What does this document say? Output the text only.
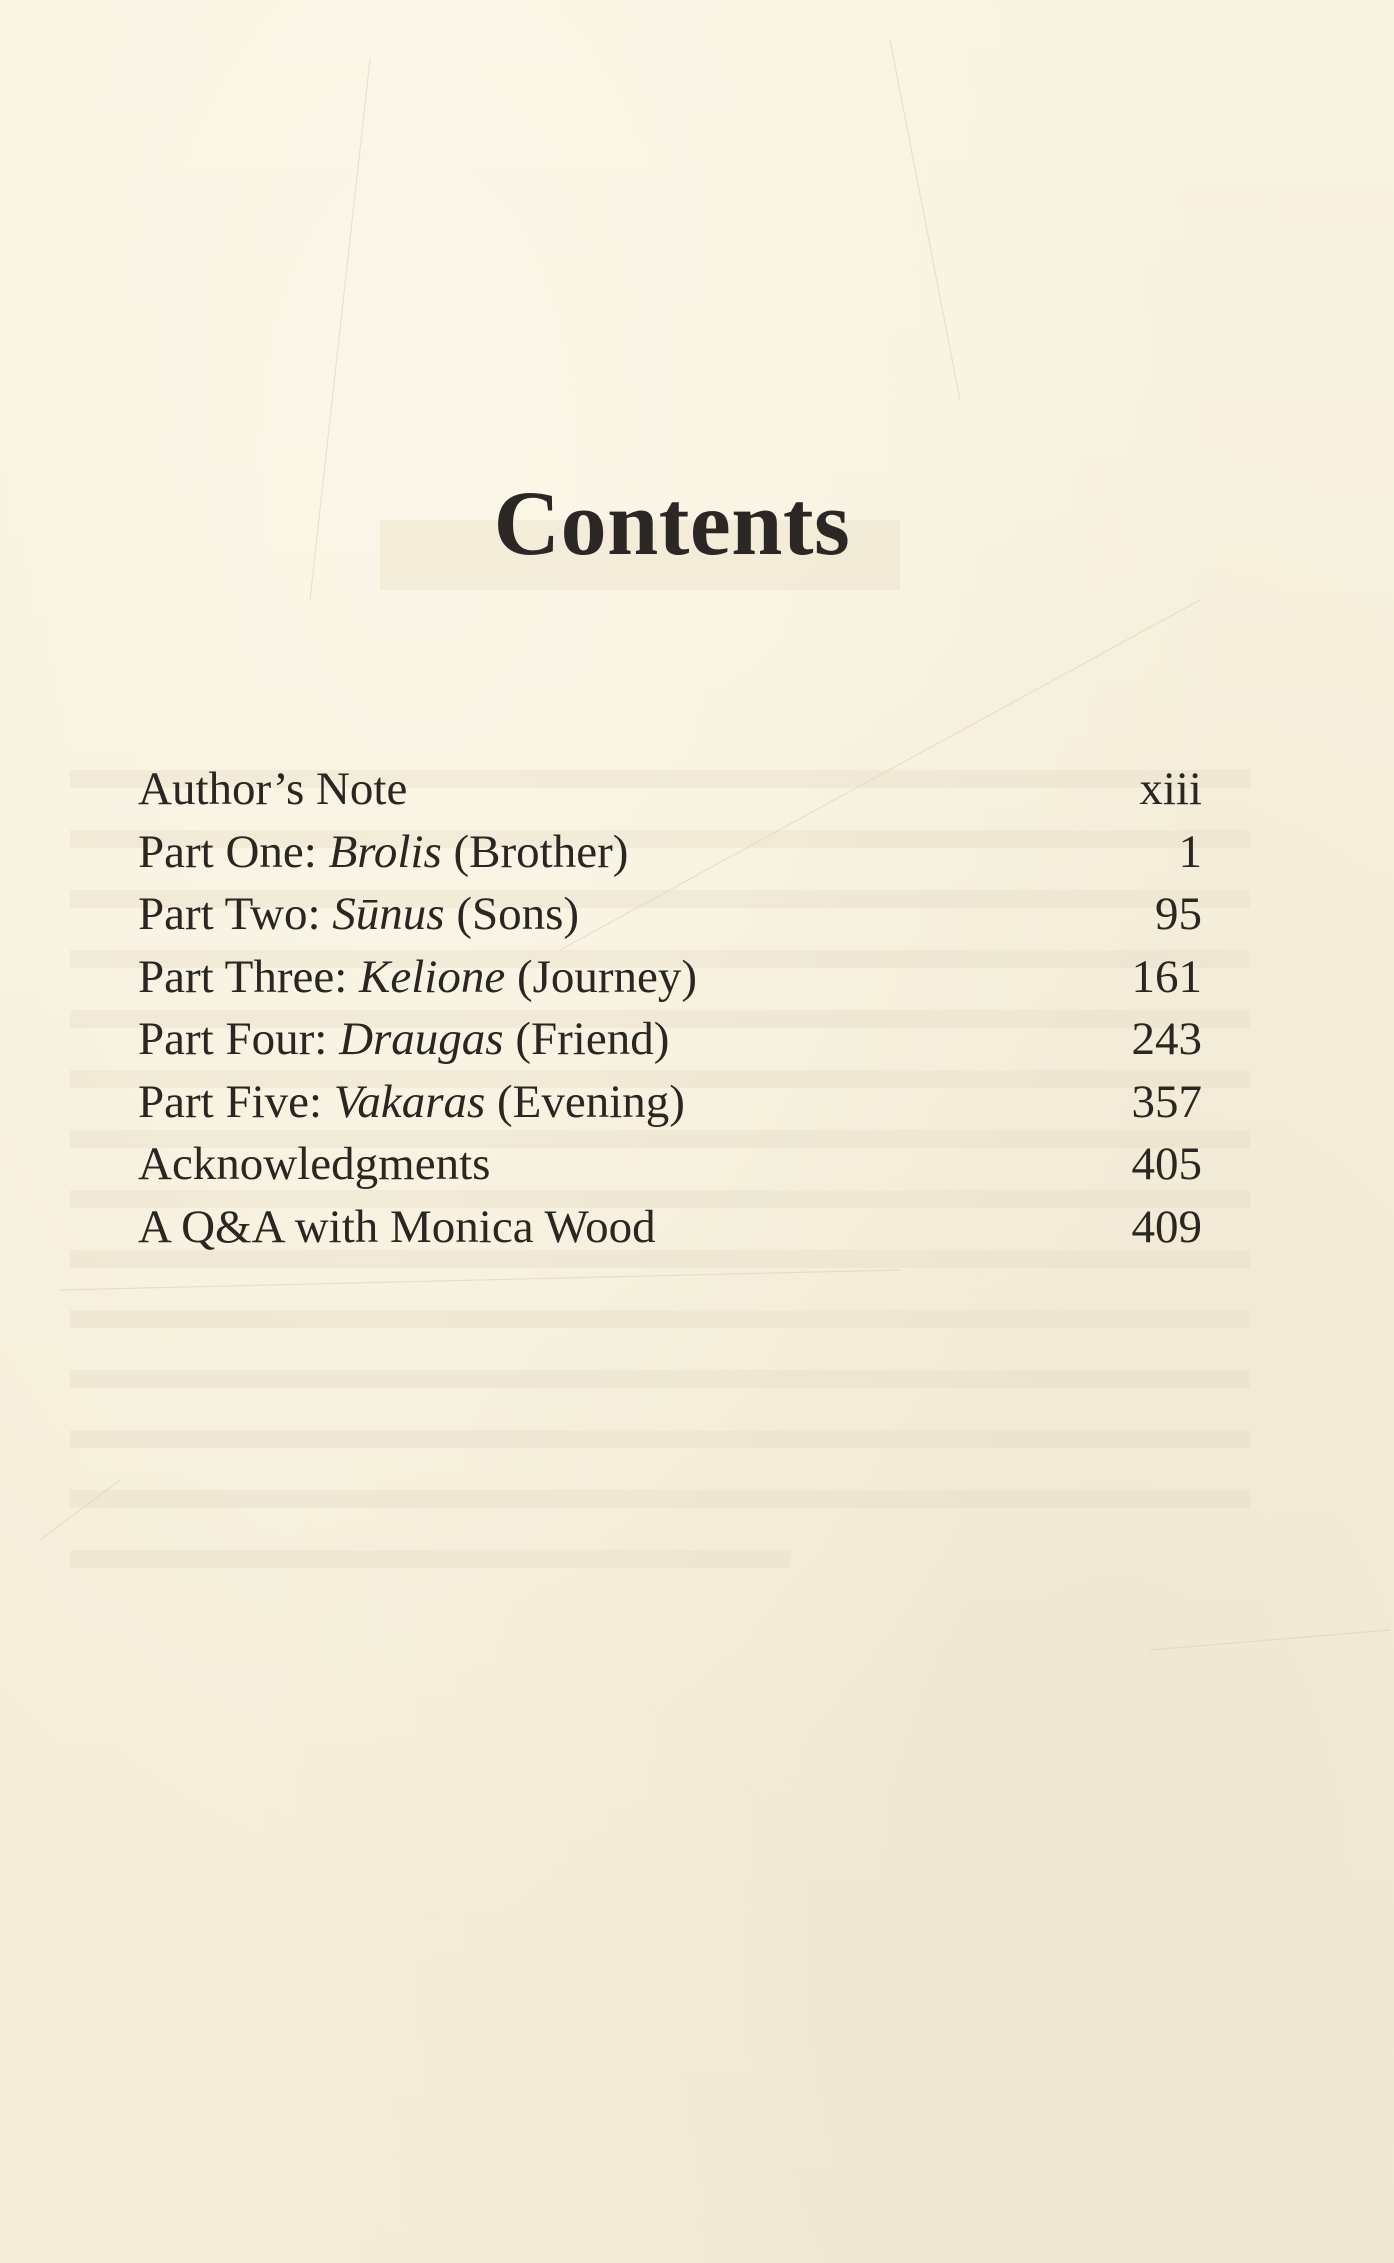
Contents
Author’s Note	xiii
Part One: Brolis (Brother)	1
Part Two: Sūnus (Sons)	95
Part Three: Kelione (Journey)	161
Part Four: Draugas (Friend)	243
Part Five: Vakaras (Evening)	357
Acknowledgments	405
A Q&A with Monica Wood	409
